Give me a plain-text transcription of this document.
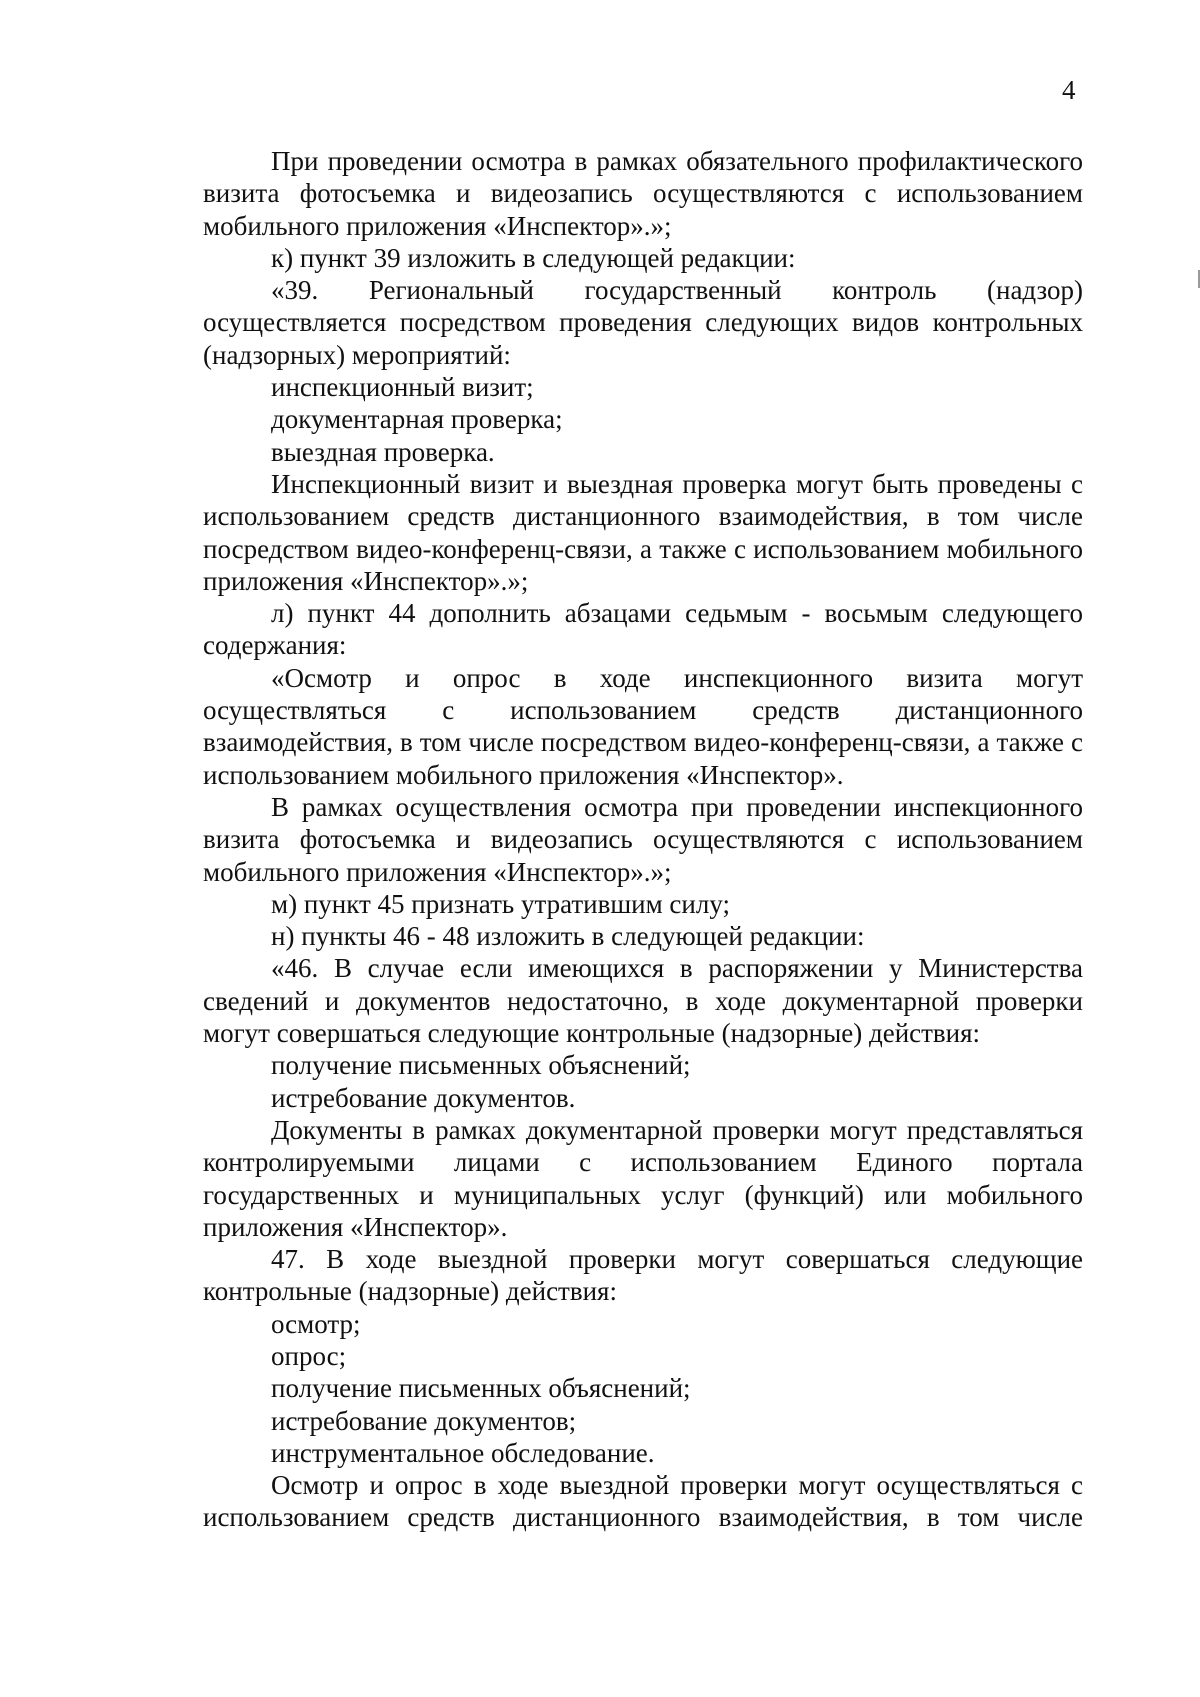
4

При проведении осмотра в рамках обязательного профилактического визита фотосъемка и видеозапись осуществляются с использованием мобильного приложения «Инспектор».»;

к) пункт 39 изложить в следующей редакции:

«39. Региональный государственный контроль (надзор) осуществляется посредством проведения следующих видов контрольных (надзорных) мероприятий:

инспекционный визит;

документарная проверка;

выездная проверка.

Инспекционный визит и выездная проверка могут быть проведены с использованием средств дистанционного взаимодействия, в том числе посредством видео-конференц-связи, а также с использованием мобильного приложения «Инспектор».»;

л) пункт 44 дополнить абзацами седьмым - восьмым следующего содержания:

«Осмотр и опрос в ходе инспекционного визита могут осуществляться с использованием средств дистанционного взаимодействия, в том числе посредством видео-конференц-связи, а также с использованием мобильного приложения «Инспектор».

В рамках осуществления осмотра при проведении инспекционного визита фотосъемка и видеозапись осуществляются с использованием мобильного приложения «Инспектор».»;

м) пункт 45 признать утратившим силу;

н) пункты 46 - 48 изложить в следующей редакции:

«46. В случае если имеющихся в распоряжении у Министерства сведений и документов недостаточно, в ходе документарной проверки могут совершаться следующие контрольные (надзорные) действия:

получение письменных объяснений;

истребование документов.

Документы в рамках документарной проверки могут представляться контролируемыми лицами с использованием Единого портала государственных и муниципальных услуг (функций) или мобильного приложения «Инспектор».

47. В ходе выездной проверки могут совершаться следующие контрольные (надзорные) действия:

осмотр;

опрос;

получение письменных объяснений;

истребование документов;

инструментальное обследование.

Осмотр и опрос в ходе выездной проверки могут осуществляться с использованием средств дистанционного взаимодействия, в том числе
